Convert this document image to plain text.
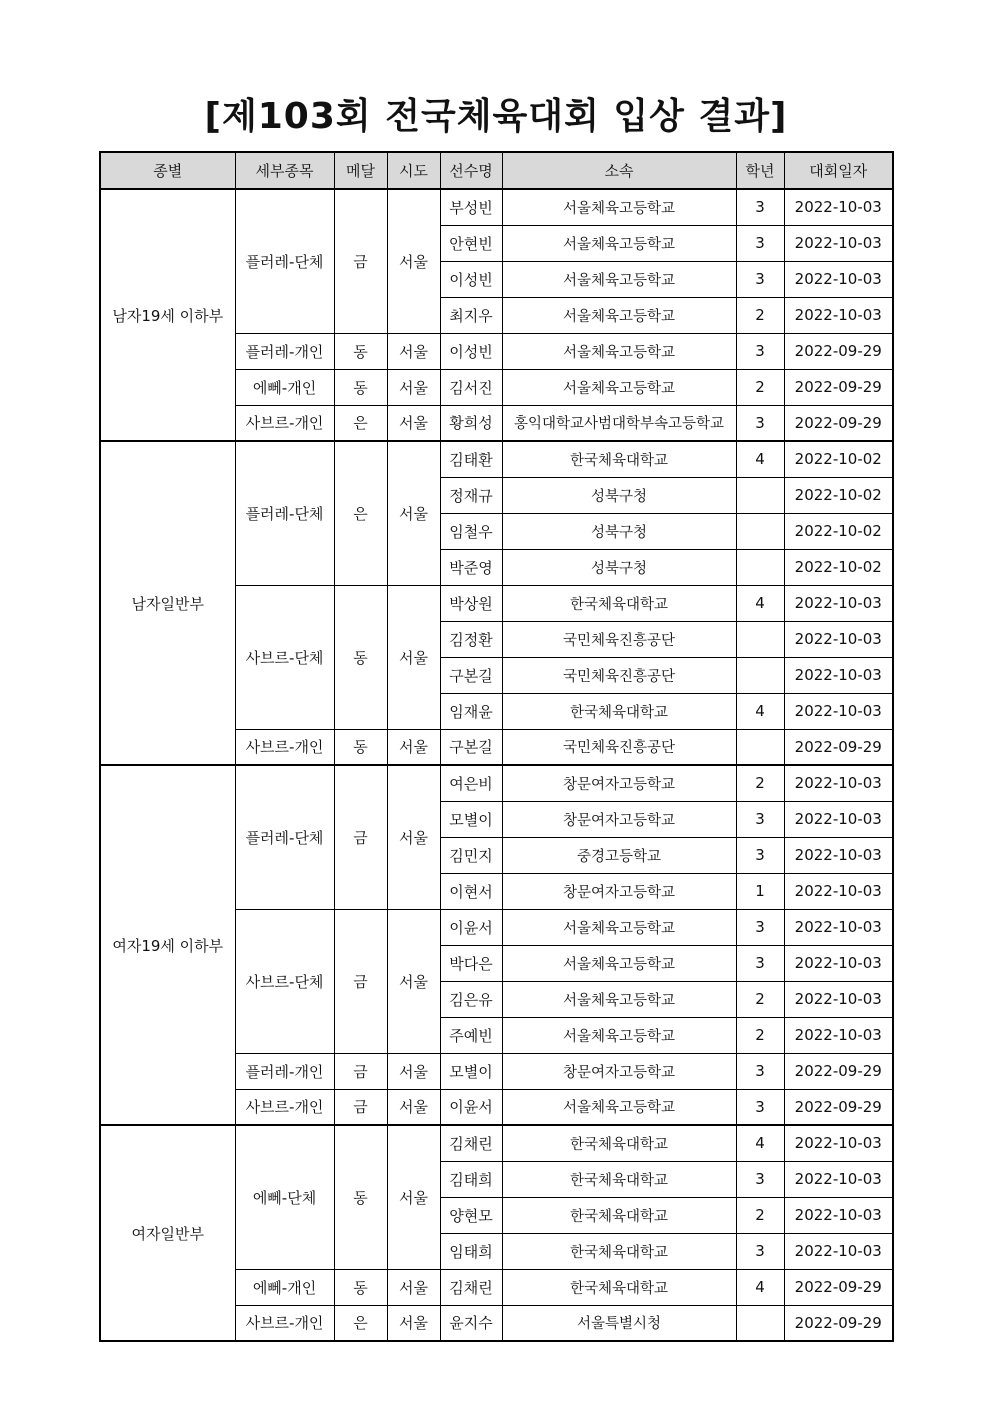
[제103회 전국체육대회 입상 결과]
종별	세부종목	메달	시도	선수명	소속	학년	대회일자
남자19세 이하부	플러레-단체	금	서울	부성빈	서울체육고등학교	3	2022-10-03
				안현빈	서울체육고등학교	3	2022-10-03
				이성빈	서울체육고등학교	3	2022-10-03
				최지우	서울체육고등학교	2	2022-10-03
	플러레-개인	동	서울	이성빈	서울체육고등학교	3	2022-09-29
	에뻬-개인	동	서울	김서진	서울체육고등학교	2	2022-09-29
	사브르-개인	은	서울	황희성	홍익대학교사범대학부속고등학교	3	2022-09-29
남자일반부	플러레-단체	은	서울	김태환	한국체육대학교	4	2022-10-02
				정재규	성북구청		2022-10-02
				임철우	성북구청		2022-10-02
				박준영	성북구청		2022-10-02
	사브르-단체	동	서울	박상원	한국체육대학교	4	2022-10-03
				김정환	국민체육진흥공단		2022-10-03
				구본길	국민체육진흥공단		2022-10-03
				임재윤	한국체육대학교	4	2022-10-03
	사브르-개인	동	서울	구본길	국민체육진흥공단		2022-09-29
여자19세 이하부	플러레-단체	금	서울	여은비	창문여자고등학교	2	2022-10-03
				모별이	창문여자고등학교	3	2022-10-03
				김민지	중경고등학교	3	2022-10-03
				이현서	창문여자고등학교	1	2022-10-03
	사브르-단체	금	서울	이윤서	서울체육고등학교	3	2022-10-03
				박다은	서울체육고등학교	3	2022-10-03
				김은유	서울체육고등학교	2	2022-10-03
				주예빈	서울체육고등학교	2	2022-10-03
	플러레-개인	금	서울	모별이	창문여자고등학교	3	2022-09-29
	사브르-개인	금	서울	이윤서	서울체육고등학교	3	2022-09-29
여자일반부	에뻬-단체	동	서울	김채린	한국체육대학교	4	2022-10-03
				김태희	한국체육대학교	3	2022-10-03
				양현모	한국체육대학교	2	2022-10-03
				임태희	한국체육대학교	3	2022-10-03
	에뻬-개인	동	서울	김채린	한국체육대학교	4	2022-09-29
	사브르-개인	은	서울	윤지수	서울특별시청		2022-09-29
